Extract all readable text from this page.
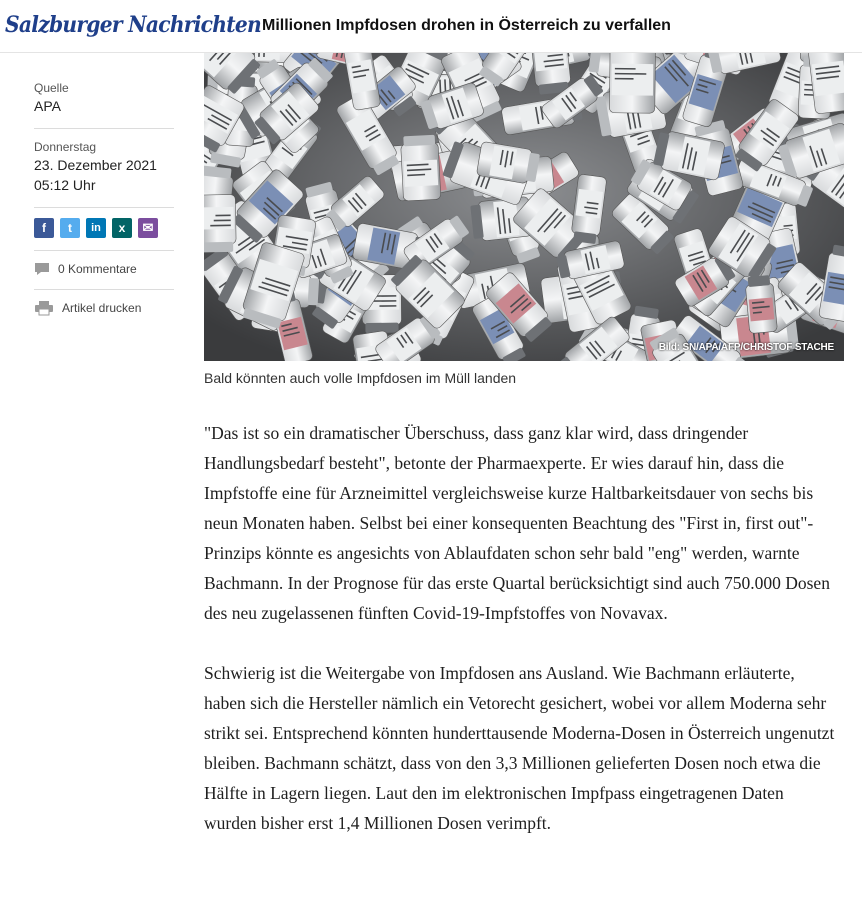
Salzburger Nachrichten Millionen Impfdosen drohen in Österreich zu verfallen
Quelle
APA
Donnerstag
23. Dezember 2021
05:12 Uhr
f	t	in	x	✉
0 Kommentare
Artikel drucken
Bild: SN/APA/AFP/CHRISTOF STACHE
Bald könnten auch volle Impfdosen im Müll landen

"Das ist so ein dramatischer Überschuss, dass ganz klar wird, dass dringender Handlungsbedarf besteht", betonte der Pharmaexperte. Er wies darauf hin, dass die Impfstoffe eine für Arzneimittel vergleichsweise kurze Haltbarkeitsdauer von sechs bis neun Monaten haben. Selbst bei einer konsequenten Beachtung des "First in, first out"-Prinzips könnte es angesichts von Ablaufdaten schon sehr bald "eng" werden, warnte Bachmann. In der Prognose für das erste Quartal berücksichtigt sind auch 750.000 Dosen des neu zugelassenen fünften Covid-19-Impfstoffes von Novavax.

Schwierig ist die Weitergabe von Impfdosen ans Ausland. Wie Bachmann erläuterte, haben sich die Hersteller nämlich ein Vetorecht gesichert, wobei vor allem Moderna sehr strikt sei. Entsprechend könnten hunderttausende Moderna-Dosen in Österreich ungenutzt bleiben. Bachmann schätzt, dass von den 3,3 Millionen gelieferten Dosen noch etwa die Hälfte in Lagern liegen. Laut den im elektronischen Impfpass eingetragenen Daten wurden bisher erst 1,4 Millionen Dosen verimpft.
